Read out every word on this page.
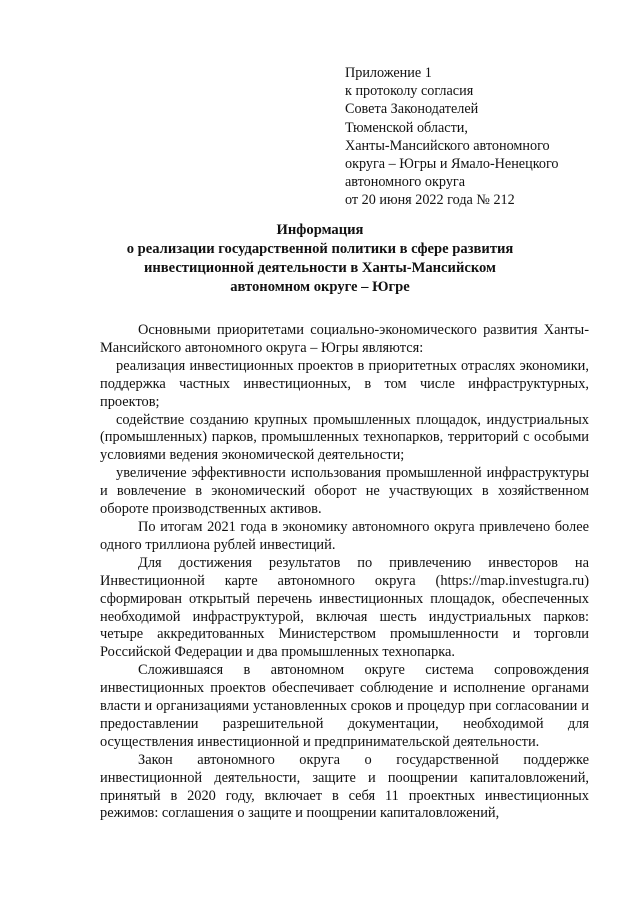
Приложение 1
к протоколу согласия
Совета Законодателей
Тюменской области,
Ханты-Мансийского автономного
округа – Югры и Ямало-Ненецкого
автономного округа
от 20 июня 2022 года № 212
Информация
о реализации государственной политики в сфере развития
инвестиционной деятельности в Ханты-Мансийском
автономном округе – Югре

Основными приоритетами социально-экономического развития Ханты-Мансийского автономного округа – Югры являются:

реализация инвестиционных проектов в приоритетных отраслях экономики, поддержка частных инвестиционных, в том числе инфраструктурных, проектов;

содействие созданию крупных промышленных площадок, индустриальных (промышленных) парков, промышленных технопарков, территорий с особыми условиями ведения экономической деятельности;

увеличение эффективности использования промышленной инфраструктуры и вовлечение в экономический оборот не участвующих в хозяйственном обороте производственных активов.

По итогам 2021 года в экономику автономного округа привлечено более одного триллиона рублей инвестиций.

Для достижения результатов по привлечению инвесторов на Инвестиционной карте автономного округа (https://map.investugra.ru) сформирован открытый перечень инвестиционных площадок, обеспеченных необходимой инфраструктурой, включая шесть индустриальных парков: четыре аккредитованных Министерством промышленности и торговли Российской Федерации и два промышленных технопарка.

Сложившаяся в автономном округе система сопровождения инвестиционных проектов обеспечивает соблюдение и исполнение органами власти и организациями установленных сроков и процедур при согласовании и предоставлении разрешительной документации, необходимой для осуществления инвестиционной и предпринимательской деятельности.

Закон автономного округа о государственной поддержке инвестиционной деятельности, защите и поощрении капиталовложений, принятый в 2020 году, включает в себя 11 проектных инвестиционных режимов: соглашения о защите и поощрении капиталовложений,
